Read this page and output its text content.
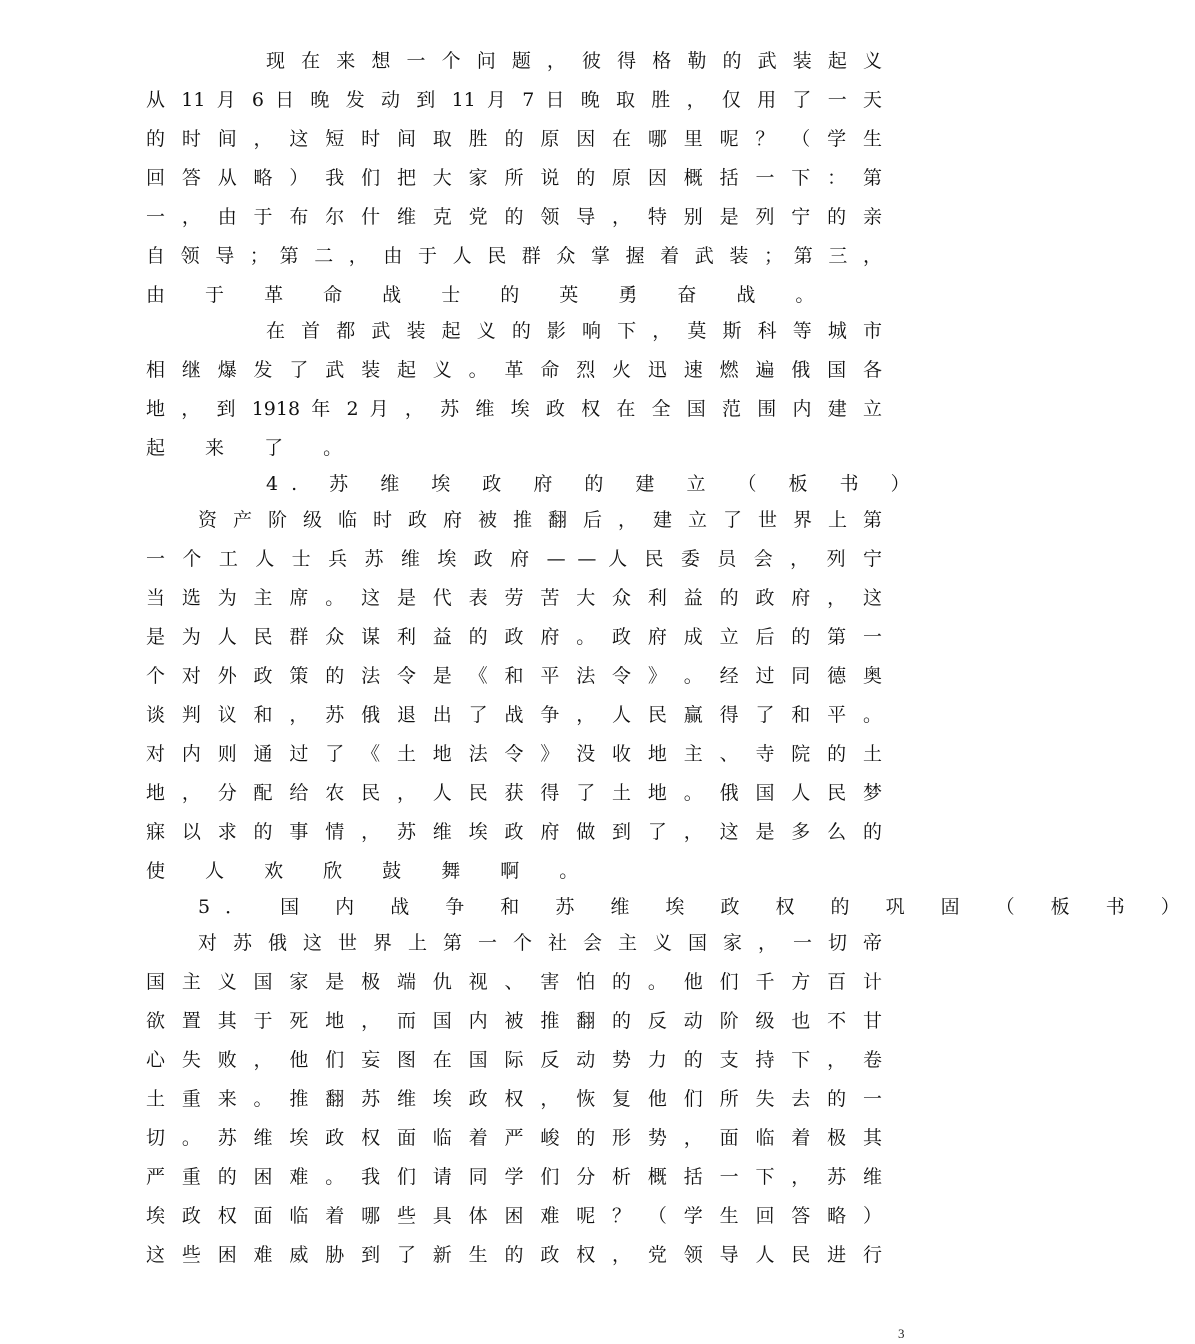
现 在 来 想 一 个 问 题 ， 彼 得 格 勒 的 武 装 起 义
从 11 月 6 日 晚 发 动 到 11 月 7 日 晚 取 胜 ， 仅 用 了 一 天
的 时 间 ， 这 短 时 间 取 胜 的 原 因 在 哪 里 呢 ？ （ 学 生
回 答 从 略 ） 我 们 把 大 家 所 说 的 原 因 概 括 一 下 ： 第
一 ， 由 于 布 尔 什 维 克 党 的 领 导 ， 特 别 是 列 宁 的 亲
自 领 导 ； 第 二 ， 由 于 人 民 群 众 掌 握 着 武 装 ； 第 三 ，
由 于 革 命 战 士 的 英 勇 奋 战 。
在 首 都 武 装 起 义 的 影 响 下 ， 莫 斯 科 等 城 市
相 继 爆 发 了 武 装 起 义 。 革 命 烈 火 迅 速 燃 遍 俄 国 各
地 ， 到 1918 年 2 月 ， 苏 维 埃 政 权 在 全 国 范 围 内 建 立
起 来 了 。
4. 苏 维 埃 政 府 的 建 立 （ 板 书 ）
资 产 阶 级 临 时 政 府 被 推 翻 后 ， 建 立 了 世 界 上 第
一 个 工 人 士 兵 苏 维 埃 政 府 — — 人 民 委 员 会 ， 列 宁
当 选 为 主 席 。 这 是 代 表 劳 苦 大 众 利 益 的 政 府 ， 这
是 为 人 民 群 众 谋 利 益 的 政 府 。 政 府 成 立 后 的 第 一
个 对 外 政 策 的 法 令 是 《 和 平 法 令 》 。 经 过 同 德 奥
谈 判 议 和 ， 苏 俄 退 出 了 战 争 ， 人 民 赢 得 了 和 平 。
对 内 则 通 过 了 《 土 地 法 令 》 没 收 地 主 、 寺 院 的 土
地 ， 分 配 给 农 民 ， 人 民 获 得 了 土 地 。 俄 国 人 民 梦
寐 以 求 的 事 情 ， 苏 维 埃 政 府 做 到 了 ， 这 是 多 么 的
使 人 欢 欣 鼓 舞 啊 。
5． 国 内 战 争 和 苏 维 埃 政 权 的 巩 固 （ 板 书 ）
对 苏 俄 这 世 界 上 第 一 个 社 会 主 义 国 家 ， 一 切 帝
国 主 义 国 家 是 极 端 仇 视 、 害 怕 的 。 他 们 千 方 百 计
欲 置 其 于 死 地 ， 而 国 内 被 推 翻 的 反 动 阶 级 也 不 甘
心 失 败 ， 他 们 妄 图 在 国 际 反 动 势 力 的 支 持 下 ， 卷
土 重 来 。 推 翻 苏 维 埃 政 权 ， 恢 复 他 们 所 失 去 的 一
切 。 苏 维 埃 政 权 面 临 着 严 峻 的 形 势 ， 面 临 着 极 其
严 重 的 困 难 。 我 们 请 同 学 们 分 析 概 括 一 下 ， 苏 维
埃 政 权 面 临 着 哪 些 具 体 困 难 呢 ？ （ 学 生 回 答 略 ）
这 些 困 难 威 胁 到 了 新 生 的 政 权 ， 党 领 导 人 民 进 行
3
